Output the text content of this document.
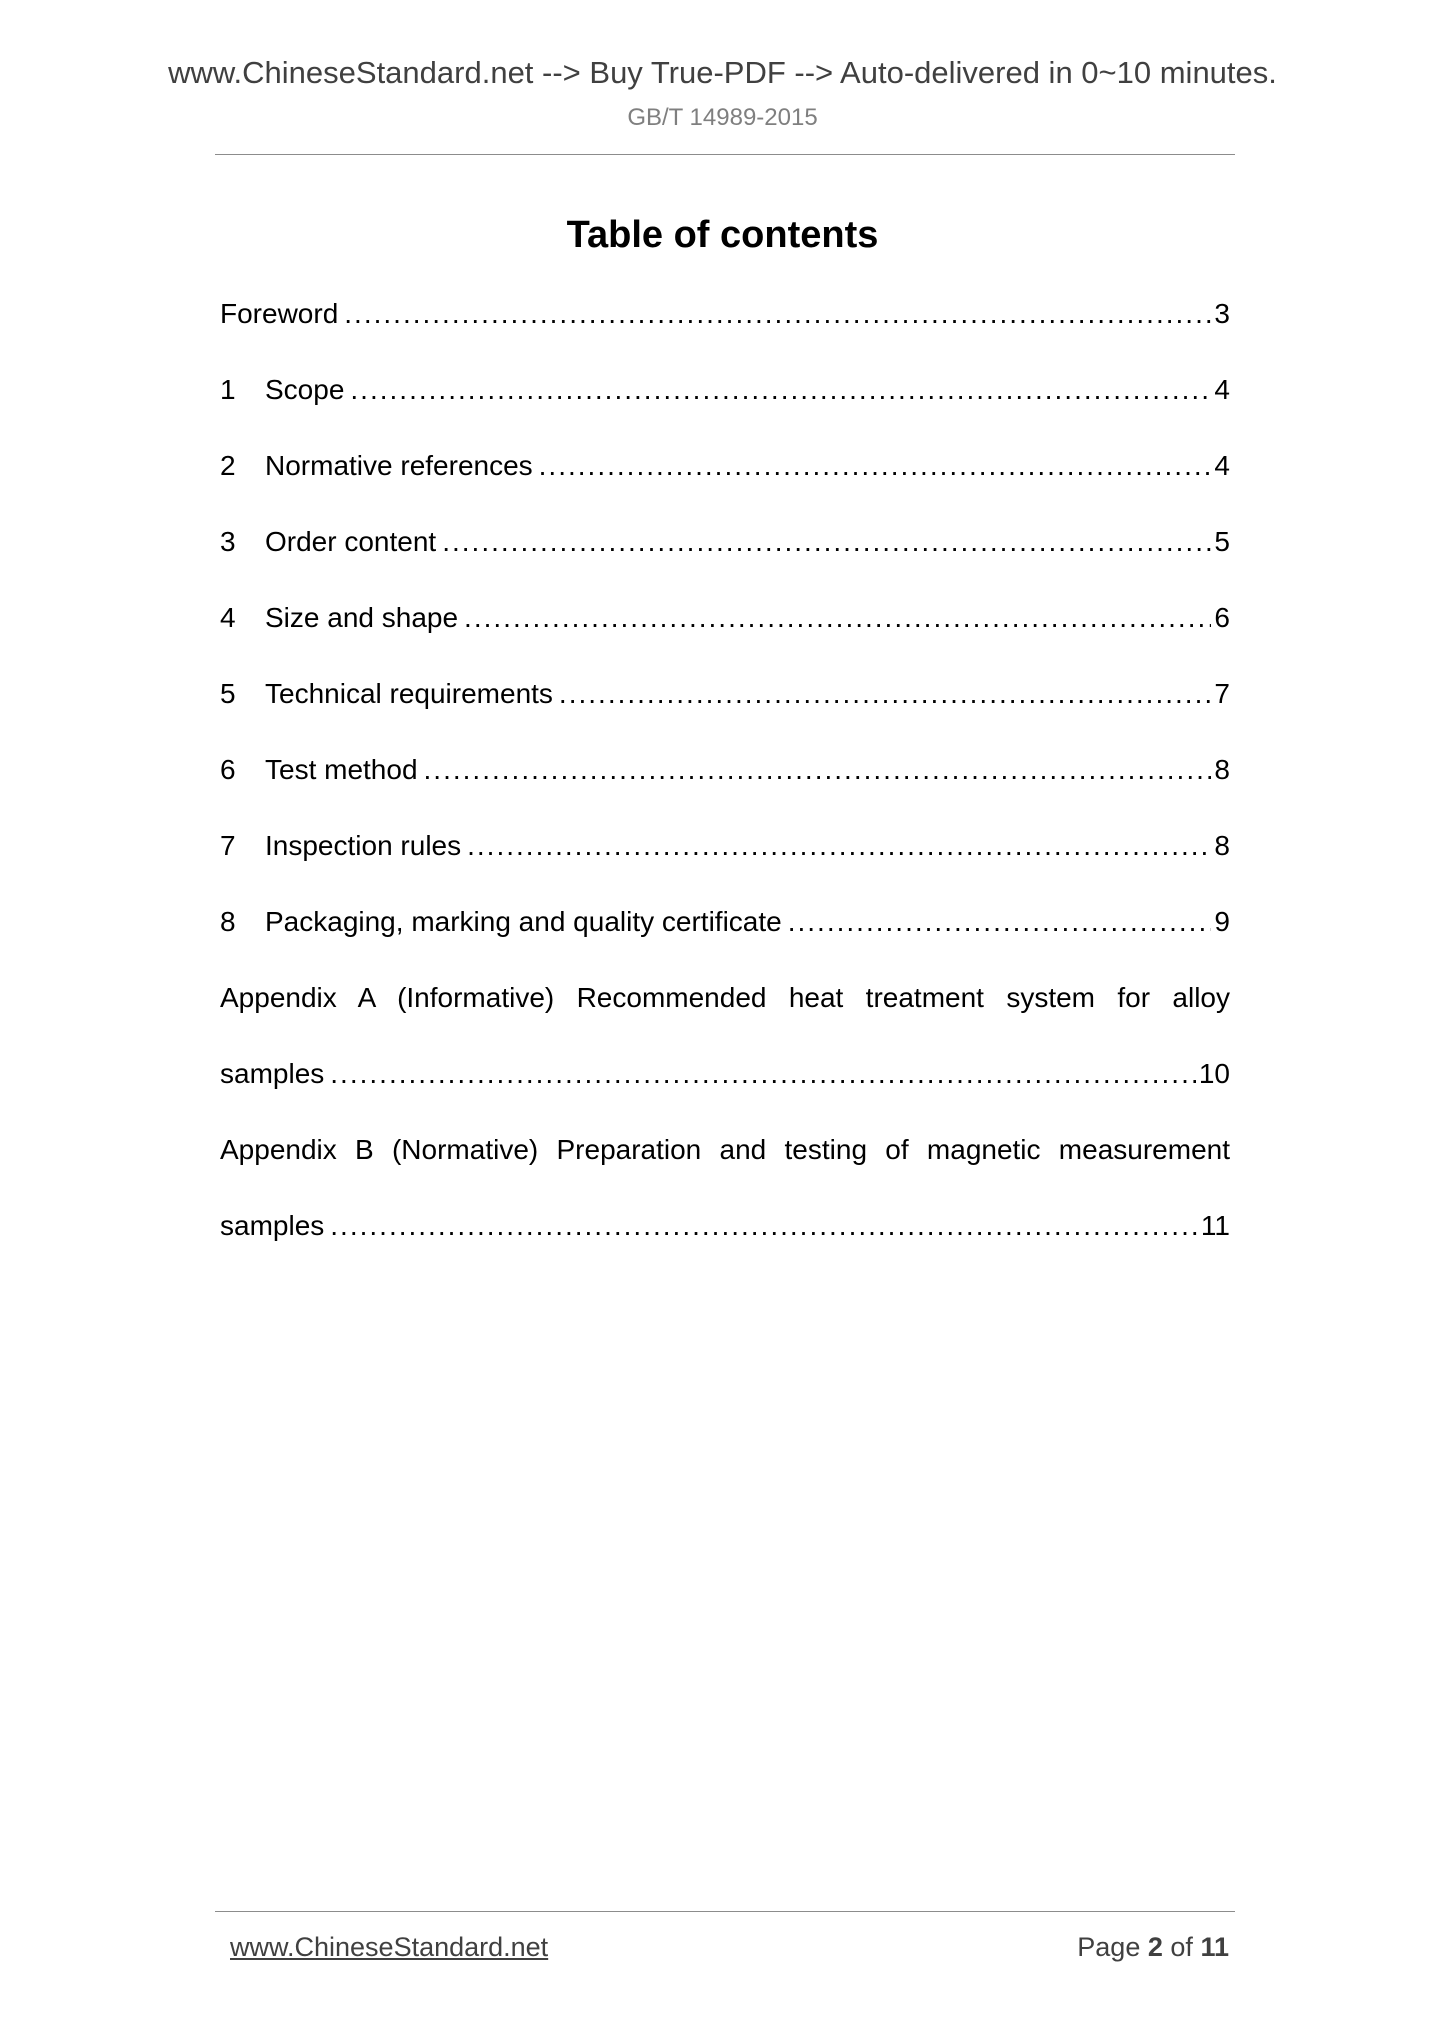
www.ChineseStandard.net --> Buy True-PDF --> Auto-delivered in 0~10 minutes.
GB/T 14989-2015
Table of contents
Foreword .....	3
1	Scope .....	4
2	Normative references .....	4
3	Order content .....	5
4	Size and shape .....	6
5	Technical requirements .....	7
6	Test method .....	8
7	Inspection rules .....	8
8	Packaging, marking and quality certificate .....	9
Appendix A (Informative) Recommended heat treatment system for alloy
samples .....	10
Appendix B (Normative) Preparation and testing of magnetic measurement
samples .....	11
www.ChineseStandard.net	Page 2 of 11
